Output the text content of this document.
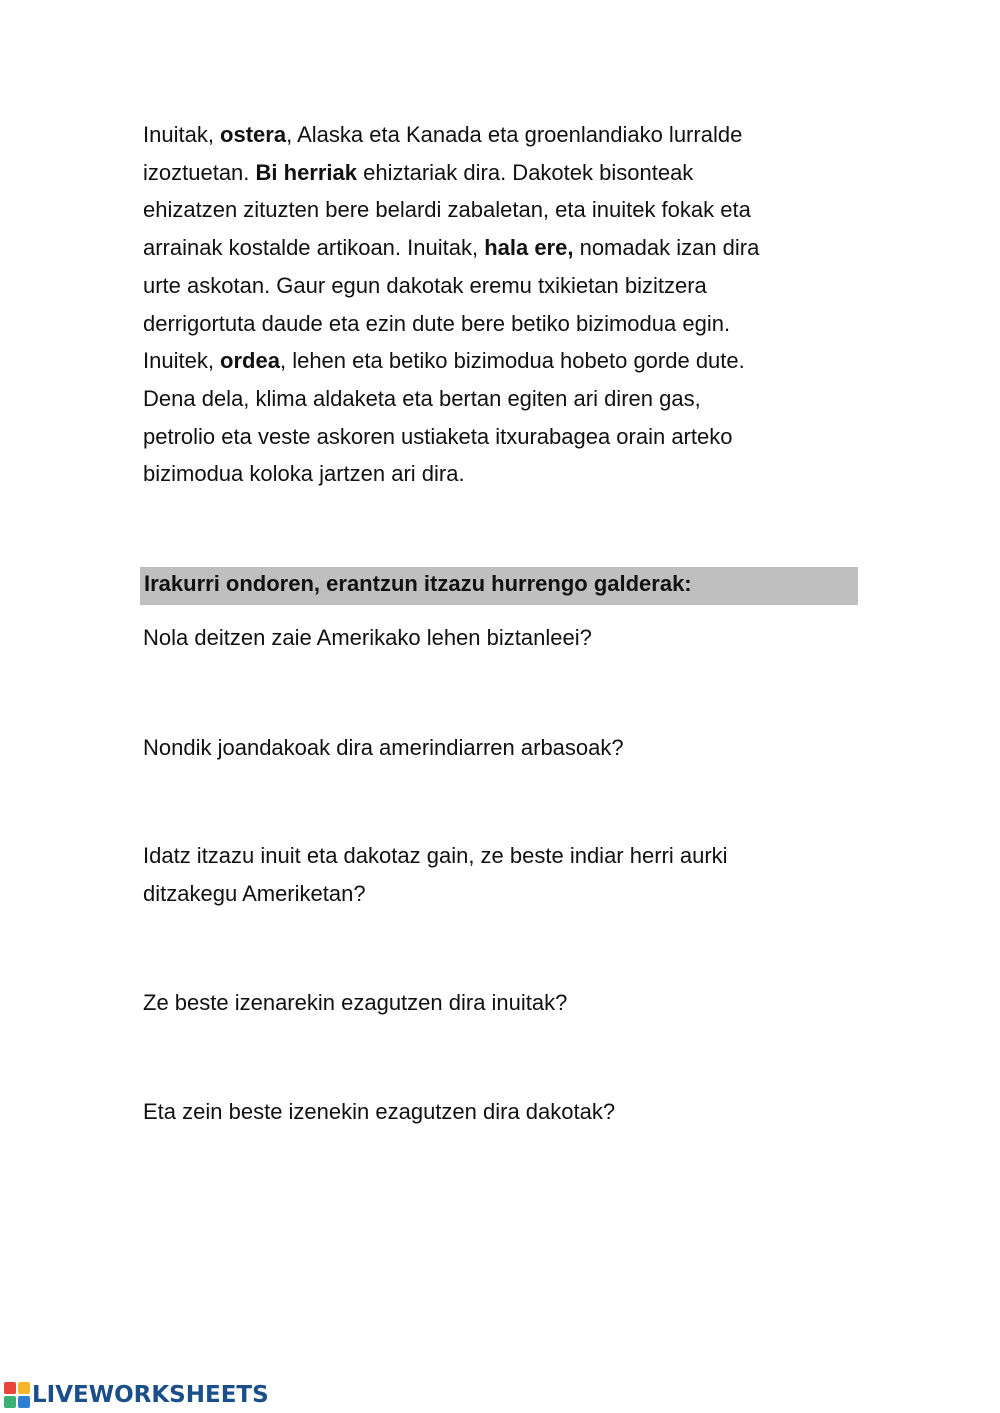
Inuitak, ostera, Alaska eta Kanada eta groenlandiako lurralde
izoztuetan. Bi herriak ehiztariak dira. Dakotek bisonteak
ehizatzen zituzten bere belardi zabaletan, eta inuitek fokak eta
arrainak kostalde artikoan. Inuitak, hala ere, nomadak izan dira
urte askotan. Gaur egun dakotak eremu txikietan bizitzera
derrigortuta daude eta ezin dute bere betiko bizimodua egin.
Inuitek, ordea, lehen eta betiko bizimodua hobeto gorde dute.
Dena dela, klima aldaketa eta bertan egiten ari diren gas,
petrolio eta veste askoren ustiaketa itxurabagea orain arteko
bizimodua koloka jartzen ari dira.
Irakurri ondoren, erantzun itzazu hurrengo galderak:
Nola deitzen zaie Amerikako lehen biztanleei?
Nondik joandakoak dira amerindiarren arbasoak?
Idatz itzazu inuit eta dakotaz gain, ze beste indiar herri aurki
ditzakegu Ameriketan?
Ze beste izenarekin ezagutzen dira inuitak?
Eta zein beste izenekin ezagutzen dira dakotak?
LIVEWORKSHEETS
